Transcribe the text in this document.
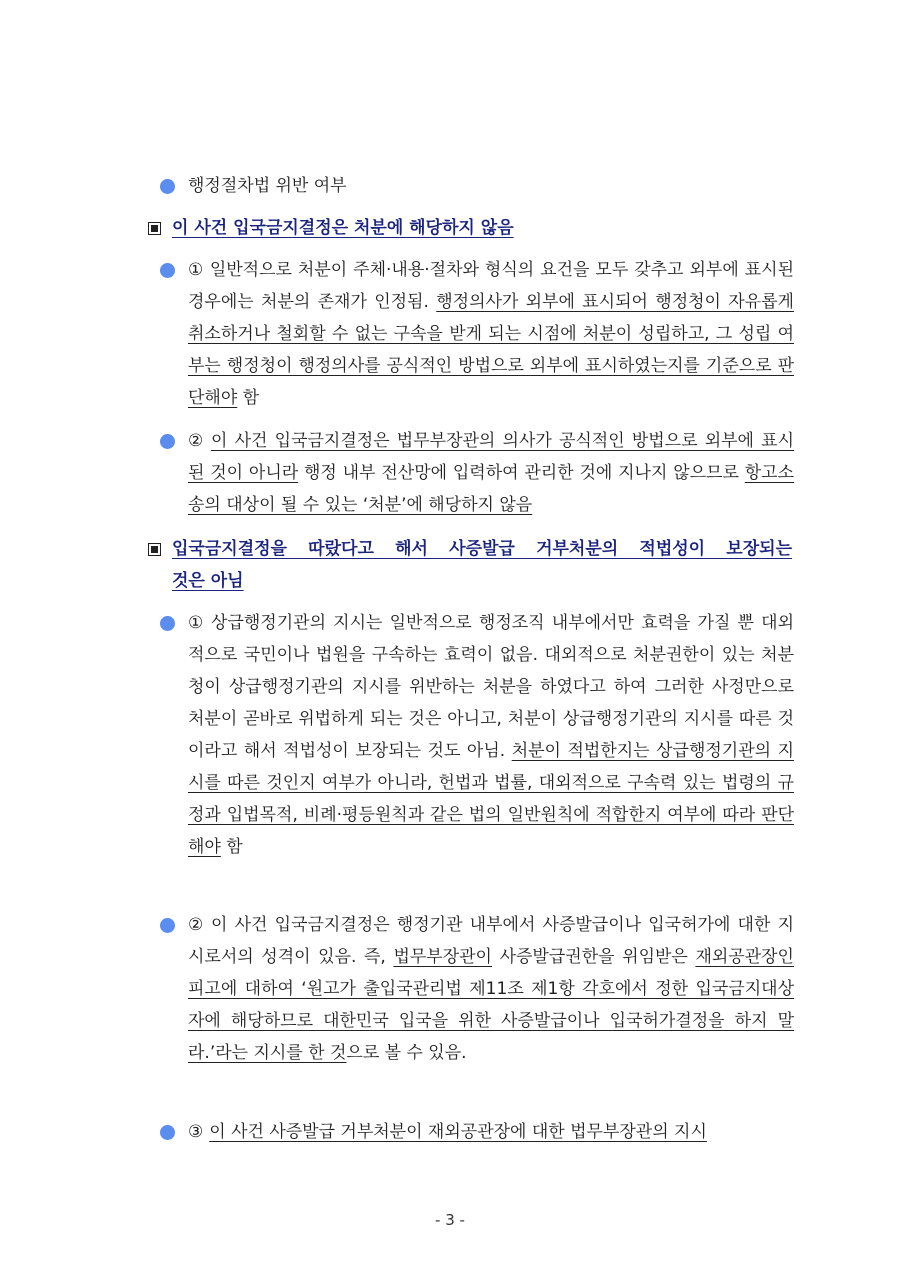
행정절차법 위반 여부
이 사건 입국금지결정은 처분에 해당하지 않음
① 일반적으로 처분이 주체·내용·절차와 형식의 요건을 모두 갖추고 외부에 표시된 경우에는 처분의 존재가 인정됨. 행정의사가 외부에 표시되어 행정청이 자유롭게 취소하거나 철회할 수 없는 구속을 받게 되는 시점에 처분이 성립하고, 그 성립 여부는 행정청이 행정의사를 공식적인 방법으로 외부에 표시하였는지를 기준으로 판단해야 함
② 이 사건 입국금지결정은 법무부장관의 의사가 공식적인 방법으로 외부에 표시된 것이 아니라 행정 내부 전산망에 입력하여 관리한 것에 지나지 않으므로 항고소송의 대상이 될 수 있는 ‘처분’에 해당하지 않음
입국금지결정을 따랐다고 해서 사증발급 거부처분의 적법성이 보장되는
것은 아님
① 상급행정기관의 지시는 일반적으로 행정조직 내부에서만 효력을 가질 뿐 대외적으로 국민이나 법원을 구속하는 효력이 없음. 대외적으로 처분권한이 있는 처분청이 상급행정기관의 지시를 위반하는 처분을 하였다고 하여 그러한 사정만으로 처분이 곧바로 위법하게 되는 것은 아니고, 처분이 상급행정기관의 지시를 따른 것이라고 해서 적법성이 보장되는 것도 아님. 처분이 적법한지는 상급행정기관의 지시를 따른 것인지 여부가 아니라, 헌법과 법률, 대외적으로 구속력 있는 법령의 규정과 입법목적, 비례·평등원칙과 같은 법의 일반원칙에 적합한지 여부에 따라 판단해야 함
② 이 사건 입국금지결정은 행정기관 내부에서 사증발급이나 입국허가에 대한 지시로서의 성격이 있음. 즉, 법무부장관이 사증발급권한을 위임받은 재외공관장인 피고에 대하여 ‘원고가 출입국관리법 제11조 제1항 각호에서 정한 입국금지대상자에 해당하므로 대한민국 입국을 위한 사증발급이나 입국허가결정을 하지 말라.’라는 지시를 한 것으로 볼 수 있음.
③ 이 사건 사증발급 거부처분이 재외공관장에 대한 법무부장관의 지시
- 3 -
